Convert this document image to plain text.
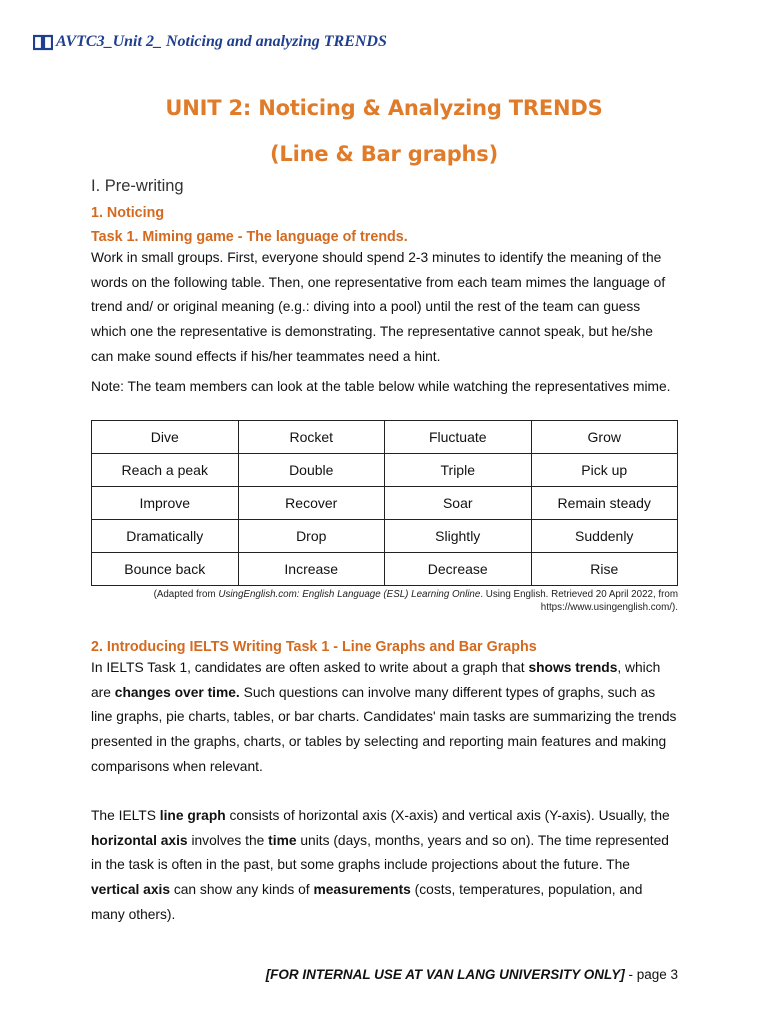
AVTC3_Unit 2_ Noticing and analyzing TRENDS
UNIT 2: Noticing & Analyzing TRENDS
(Line & Bar graphs)
I. Pre-writing
1. Noticing
Task 1. Miming game - The language of trends.
Work in small groups. First, everyone should spend 2-3 minutes to identify the meaning of the
words on the following table. Then, one representative from each team mimes the language of
trend and/ or original meaning (e.g.: diving into a pool) until the rest of the team can guess
which one the representative is demonstrating. The representative cannot speak, but he/she
can make sound effects if his/her teammates need a hint.
Note: The team members can look at the table below while watching the representatives mime.
Dive	Rocket	Fluctuate	Grow
Reach a peak	Double	Triple	Pick up
Improve	Recover	Soar	Remain steady
Dramatically	Drop	Slightly	Suddenly
Bounce back	Increase	Decrease	Rise
(Adapted from UsingEnglish.com: English Language (ESL) Learning Online. Using English. Retrieved 20 April 2022, from
https://www.usingenglish.com/).
2. Introducing IELTS Writing Task 1 - Line Graphs and Bar Graphs
In IELTS Task 1, candidates are often asked to write about a graph that shows trends, which
are changes over time. Such questions can involve many different types of graphs, such as
line graphs, pie charts, tables, or bar charts. Candidates' main tasks are summarizing the trends
presented in the graphs, charts, or tables by selecting and reporting main features and making
comparisons when relevant.
The IELTS line graph consists of horizontal axis (X-axis) and vertical axis (Y-axis). Usually, the
horizontal axis involves the time units (days, months, years and so on). The time represented
in the task is often in the past, but some graphs include projections about the future. The
vertical axis can show any kinds of measurements (costs, temperatures, population, and
many others).
[FOR INTERNAL USE AT VAN LANG UNIVERSITY ONLY] - page 3
